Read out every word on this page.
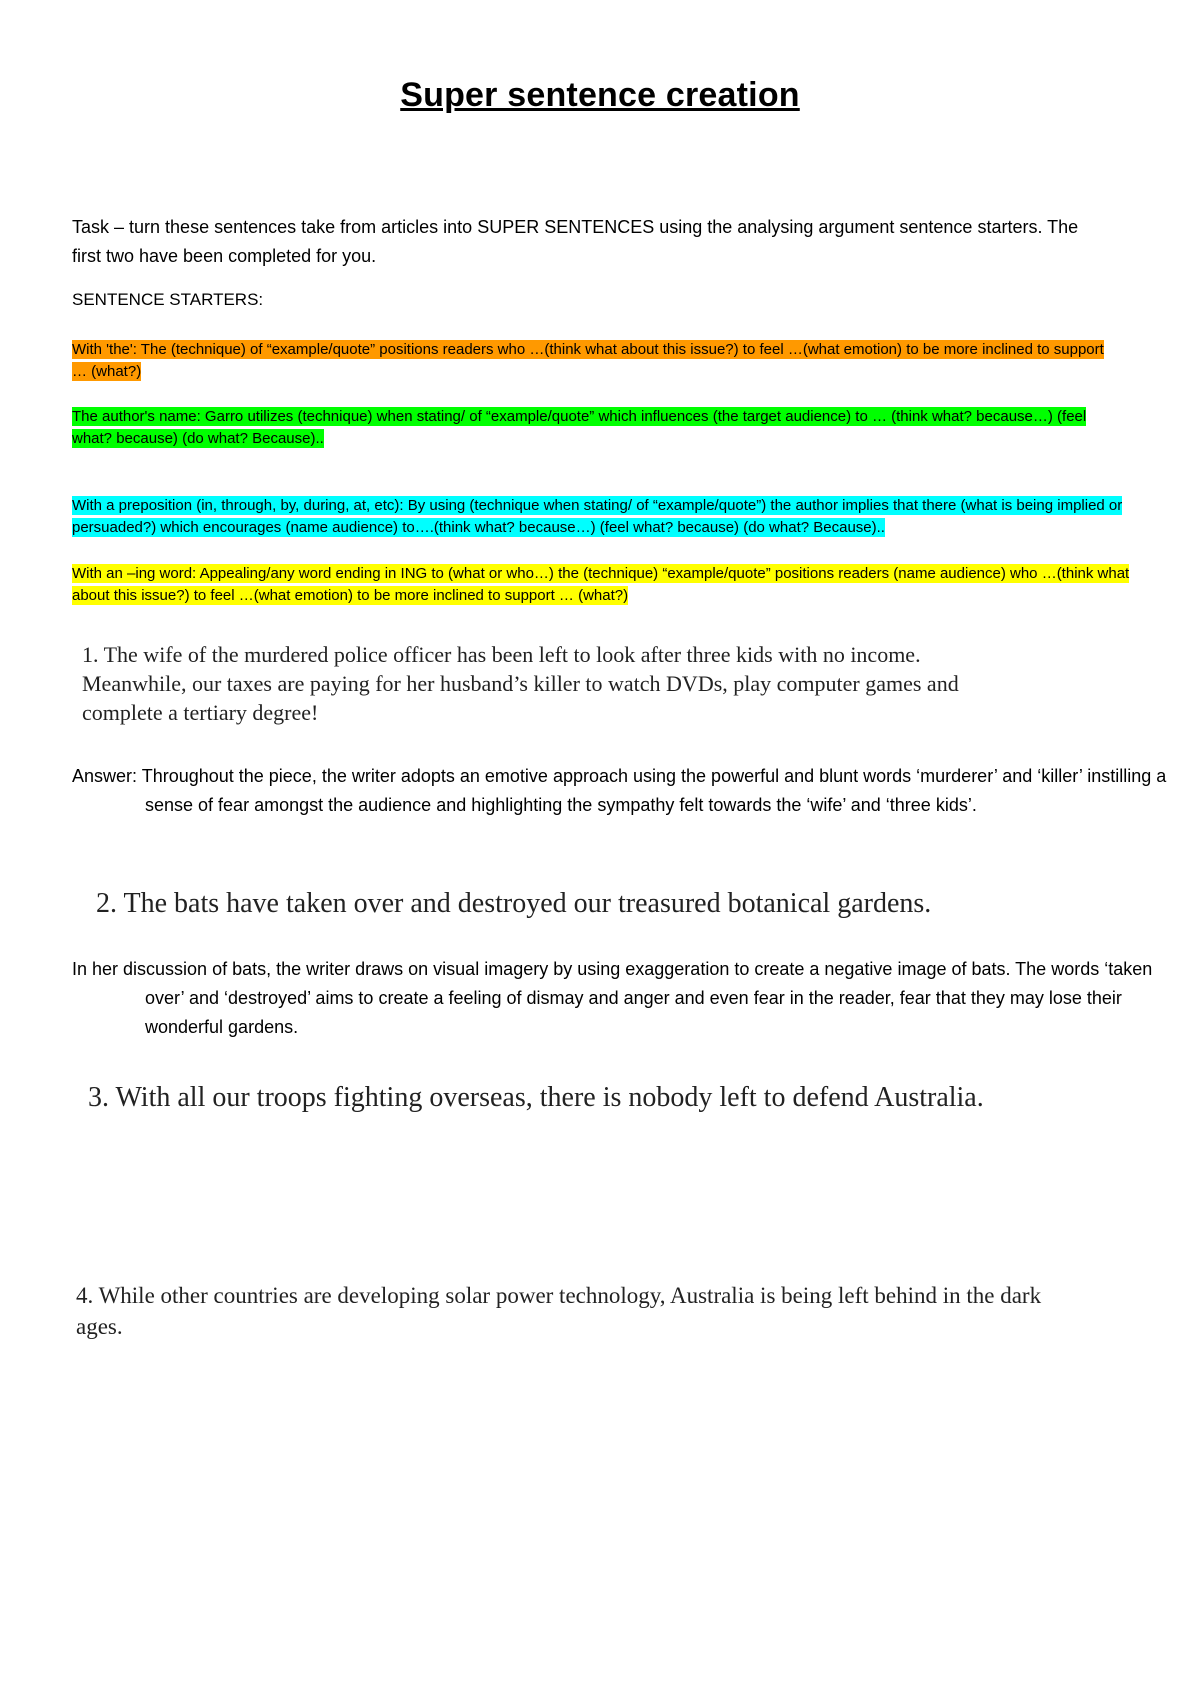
Super sentence creation
Task – turn these sentences take from articles into SUPER SENTENCES using the analysing argument sentence starters. The first two have been completed for you.
SENTENCE STARTERS:
With 'the': The (technique) of “example/quote” positions readers who …(think what about this issue?) to feel …(what emotion) to be more inclined to support … (what?)
The author's name: Garro utilizes (technique) when stating/ of “example/quote” which influences (the target audience) to … (think what? because…) (feel what? because) (do what? Because)..
With a preposition (in, through, by, during, at, etc): By using (technique when stating/ of “example/quote”) the author implies that there (what is being implied or persuaded?) which encourages (name audience) to….(think what? because…) (feel what? because) (do what? Because)..
With an –ing word: Appealing/any word ending in ING to (what or who…) the (technique) “example/quote” positions readers (name audience) who …(think what about this issue?) to feel …(what emotion) to be more inclined to support … (what?)
1. The wife of the murdered police officer has been left to look after three kids with no income. Meanwhile, our taxes are paying for her husband’s killer to watch DVDs, play computer games and complete a tertiary degree!
Answer: Throughout the piece, the writer adopts an emotive approach using the powerful and blunt words ‘murderer’ and ‘killer’ instilling a sense of fear amongst the audience and highlighting the sympathy felt towards the ‘wife’ and ‘three kids’.
2. The bats have taken over and destroyed our treasured botanical gardens.
In her discussion of bats, the writer draws on visual imagery by using exaggeration to create a negative image of bats. The words ‘taken over’ and ‘destroyed’ aims to create a feeling of dismay and anger and even fear in the reader, fear that they may lose their wonderful gardens.
3. With all our troops fighting overseas, there is nobody left to defend Australia.
4. While other countries are developing solar power technology, Australia is being left behind in the dark ages.
